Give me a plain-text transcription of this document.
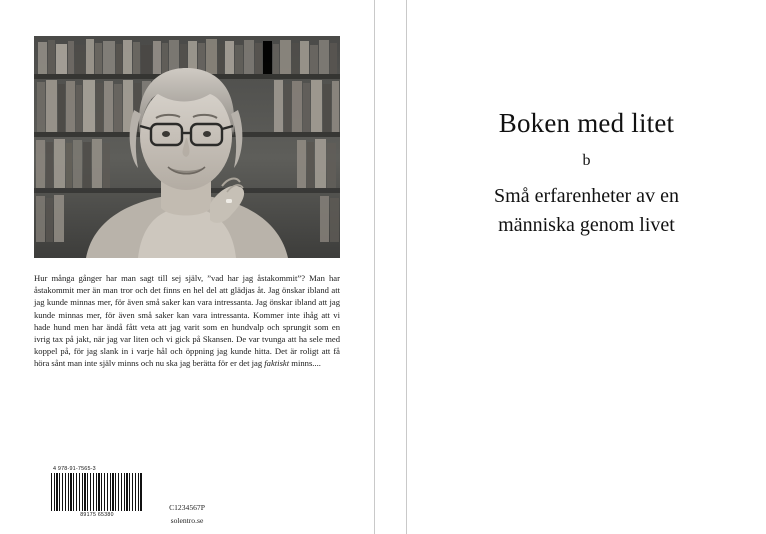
Hur många gånger har man sagt till sej själv, ”vad har jag åstakommit”? Man har åstakommit mer än man tror och det finns en hel del att glädjas åt. Jag önskar ibland att jag kunde minnas mer, för även små saker kan vara intressanta. Jag önskar ibland att jag kunde minnas mer, för även små saker kan vara intressanta. Kommer inte ihåg att vi hade hund men har ändå fått veta att jag varit som en hundvalp och sprungit som en ivrig tax på jakt, när jag var liten och vi gick på Skansen. De var tvunga att ha sele med koppel på, för jag slank in i varje hål och öppning jag kunde hitta. Det är roligt att få höra sånt man inte själv minns och nu ska jag berätta för er det jag faktiskt minns....
4 978-91-7565-3
89175 65380
C1234567P
solentro.se
Boken med litet
b
Små erfarenheter av en
människa genom livet
